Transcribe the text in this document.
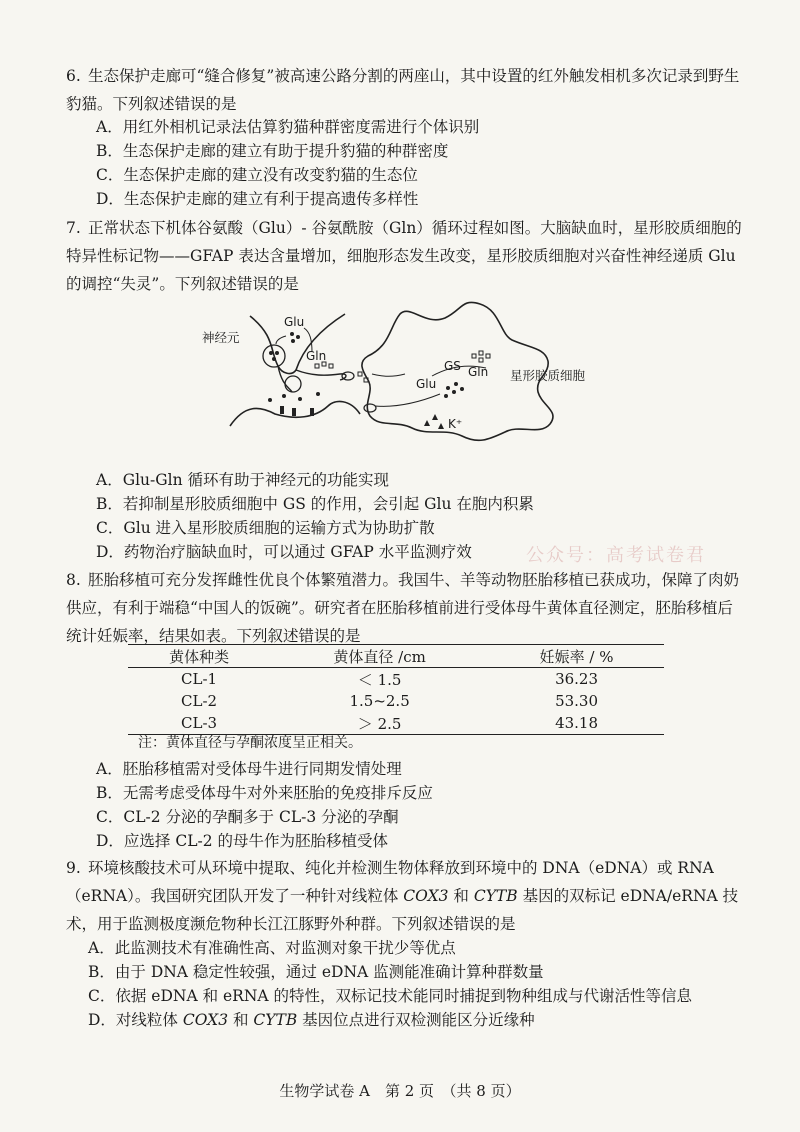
6. 生态保护走廊可“缝合修复”被高速公路分割的两座山，其中设置的红外触发相机多次记录到野生豹猫。下列叙述错误的是

A．用红外相机记录法估算豹猫种群密度需进行个体识别

B．生态保护走廊的建立有助于提升豹猫的种群密度

C．生态保护走廊的建立没有改变豹猫的生态位

D．生态保护走廊的建立有利于提高遗传多样性

7. 正常状态下机体谷氨酸（Glu）- 谷氨酰胺（Gln）循环过程如图。大脑缺血时，星形胶质细胞的特异性标记物——GFAP 表达含量增加，细胞形态发生改变，星形胶质细胞对兴奋性神经递质 Glu 的调控“失灵”。下列叙述错误的是

神经元
Glu
Gln
Glu
GS Gln
K⁺
星形胶质细胞

A．Glu-Gln 循环有助于神经元的功能实现

B．若抑制星形胶质细胞中 GS 的作用，会引起 Glu 在胞内积累

C．Glu 进入星形胶质细胞的运输方式为协助扩散

D．药物治疗脑缺血时，可以通过 GFAP 水平监测疗效	公众号：高考试卷君

8. 胚胎移植可充分发挥雌性优良个体繁殖潜力。我国牛、羊等动物胚胎移植已获成功，保障了肉奶供应，有利于端稳“中国人的饭碗”。研究者在胚胎移植前进行受体母牛黄体直径测定，胚胎移植后统计妊娠率，结果如表。下列叙述错误的是

黄体种类	黄体直径 /cm	妊娠率 / %
CL-1	＜ 1.5	36.23
CL-2	1.5~2.5	53.30
CL-3	＞ 2.5	43.18
注：黄体直径与孕酮浓度呈正相关。

A．胚胎移植需对受体母牛进行同期发情处理

B．无需考虑受体母牛对外来胚胎的免疫排斥反应

C．CL-2 分泌的孕酮多于 CL-3 分泌的孕酮

D．应选择 CL-2 的母牛作为胚胎移植受体

9. 环境核酸技术可从环境中提取、纯化并检测生物体释放到环境中的 DNA（eDNA）或 RNA（eRNA）。我国研究团队开发了一种针对线粒体 COX3 和 CYTB 基因的双标记 eDNA/eRNA 技术，用于监测极度濒危物种长江江豚野外种群。下列叙述错误的是

A．此监测技术有准确性高、对监测对象干扰少等优点

B．由于 DNA 稳定性较强，通过 eDNA 监测能准确计算种群数量

C．依据 eDNA 和 eRNA 的特性，双标记技术能同时捕捉到物种组成与代谢活性等信息

D．对线粒体 COX3 和 CYTB 基因位点进行双检测能区分近缘种

生物学试卷 A　第 2 页　（共 8 页）
